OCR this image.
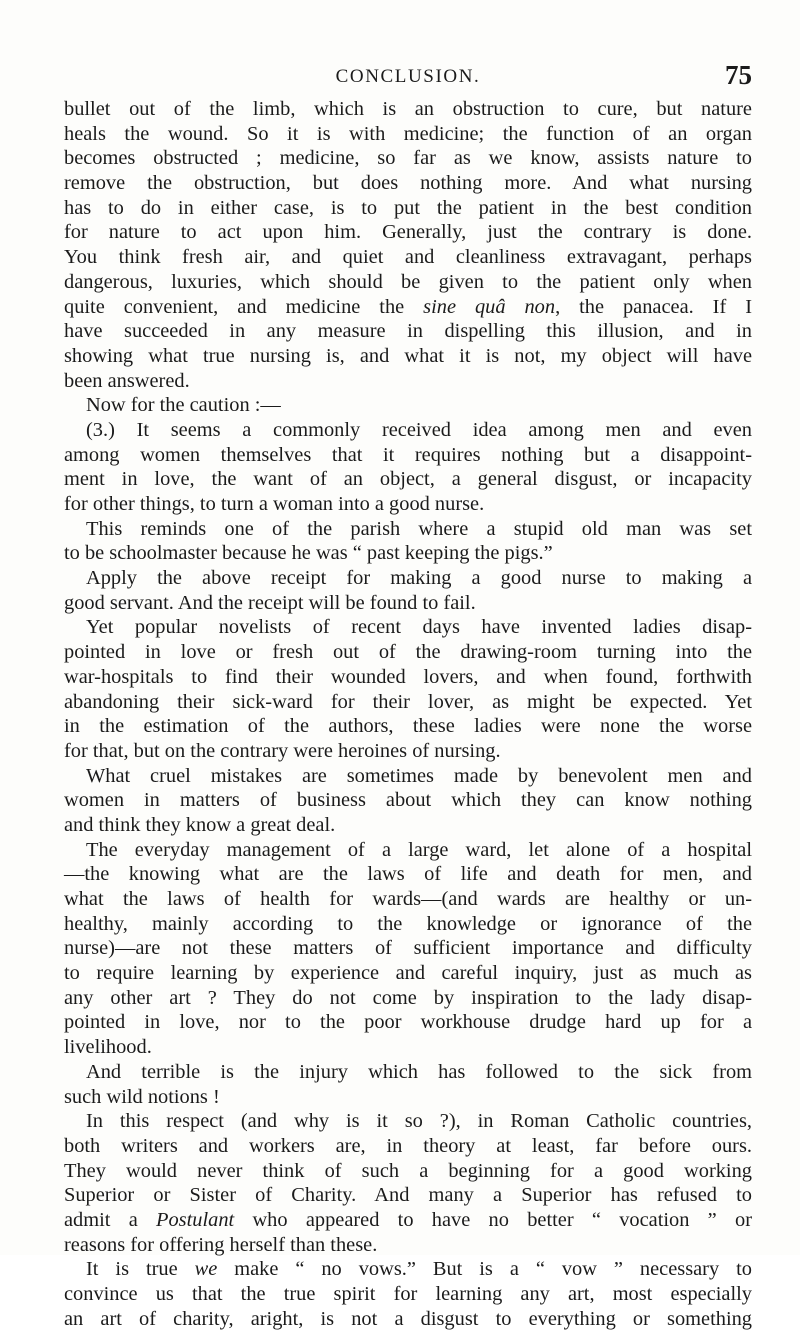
CONCLUSION.	75
bullet out of the limb, which is an obstruction to cure, but nature
heals the wound. So it is with medicine; the function of an organ
becomes obstructed ; medicine, so far as we know, assists nature to
remove the obstruction, but does nothing more. And what nursing
has to do in either case, is to put the patient in the best condition
for nature to act upon him. Generally, just the contrary is done.
You think fresh air, and quiet and cleanliness extravagant, perhaps
dangerous, luxuries, which should be given to the patient only when
quite convenient, and medicine the sine quâ non, the panacea. If I
have succeeded in any measure in dispelling this illusion, and in
showing what true nursing is, and what it is not, my object will have
been answered.
Now for the caution :—
(3.) It seems a commonly received idea among men and even
among women themselves that it requires nothing but a disappoint-
ment in love, the want of an object, a general disgust, or incapacity
for other things, to turn a woman into a good nurse.
This reminds one of the parish where a stupid old man was set
to be schoolmaster because he was “ past keeping the pigs.”
Apply the above receipt for making a good nurse to making a
good servant. And the receipt will be found to fail.
Yet popular novelists of recent days have invented ladies disap-
pointed in love or fresh out of the drawing-room turning into the
war-hospitals to find their wounded lovers, and when found, forthwith
abandoning their sick-ward for their lover, as might be expected. Yet
in the estimation of the authors, these ladies were none the worse
for that, but on the contrary were heroines of nursing.
What cruel mistakes are sometimes made by benevolent men and
women in matters of business about which they can know nothing
and think they know a great deal.
The everyday management of a large ward, let alone of a hospital
—the knowing what are the laws of life and death for men, and
what the laws of health for wards—(and wards are healthy or un-
healthy, mainly according to the knowledge or ignorance of the
nurse)—are not these matters of sufficient importance and difficulty
to require learning by experience and careful inquiry, just as much as
any other art ? They do not come by inspiration to the lady disap-
pointed in love, nor to the poor workhouse drudge hard up for a
livelihood.
And terrible is the injury which has followed to the sick from
such wild notions !
In this respect (and why is it so ?), in Roman Catholic countries,
both writers and workers are, in theory at least, far before ours.
They would never think of such a beginning for a good working
Superior or Sister of Charity. And many a Superior has refused to
admit a Postulant who appeared to have no better “ vocation ” or
reasons for offering herself than these.
It is true we make “ no vows.” But is a “ vow ” necessary to
convince us that the true spirit for learning any art, most especially
an art of charity, aright, is not a disgust to everything or something
